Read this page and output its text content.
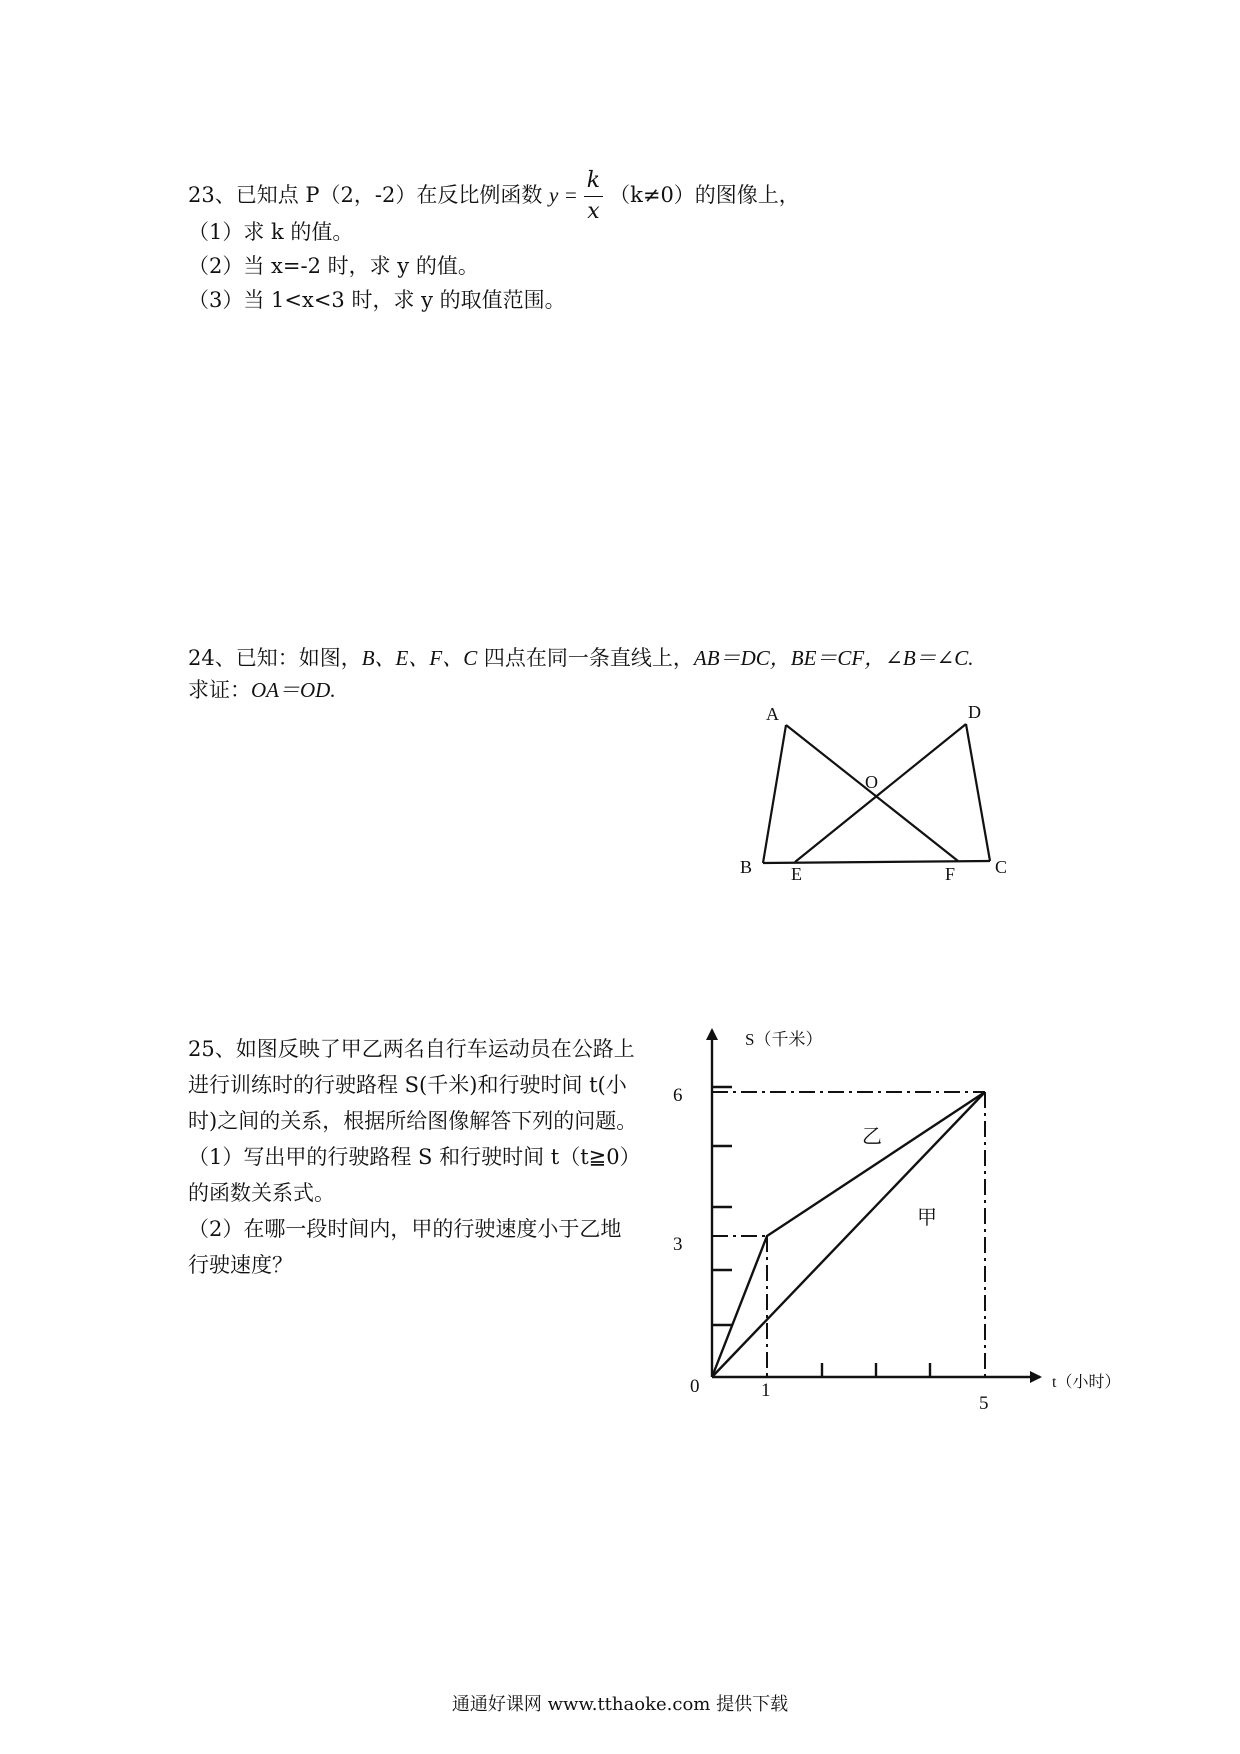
23、已知点 P（2，-2）在反比例函数 $y = \frac{k}{x} (k\ne 0)$的图像上，
（1）求 k 的值。
（2）当 x=-2 时，求 y 的值。
（3）当 1<x<3 时，求 y 的取值范围。
24、已知：如图，B、E、F、C 四点在同一条直线上，AB＝DC，BE＝CF，∠B＝∠C.
求证：OA＝OD.
A	D
O
B E	F C
25、如图反映了甲乙两名自行车运动员在公路上
进行训练时的行驶路程 S(千米)和行驶时间 t(小
时)之间的关系，根据所给图像解答下列的问题。
（1）写出甲的行驶路程 S 和行驶时间 t（t≧0）
的函数关系式。
（2）在哪一段时间内，甲的行驶速度小于乙地
行驶速度？
S（千米）
t（小时）
0
6
3
1
5
乙
甲
通通好课网 www.tthaoke.com 提供下载
